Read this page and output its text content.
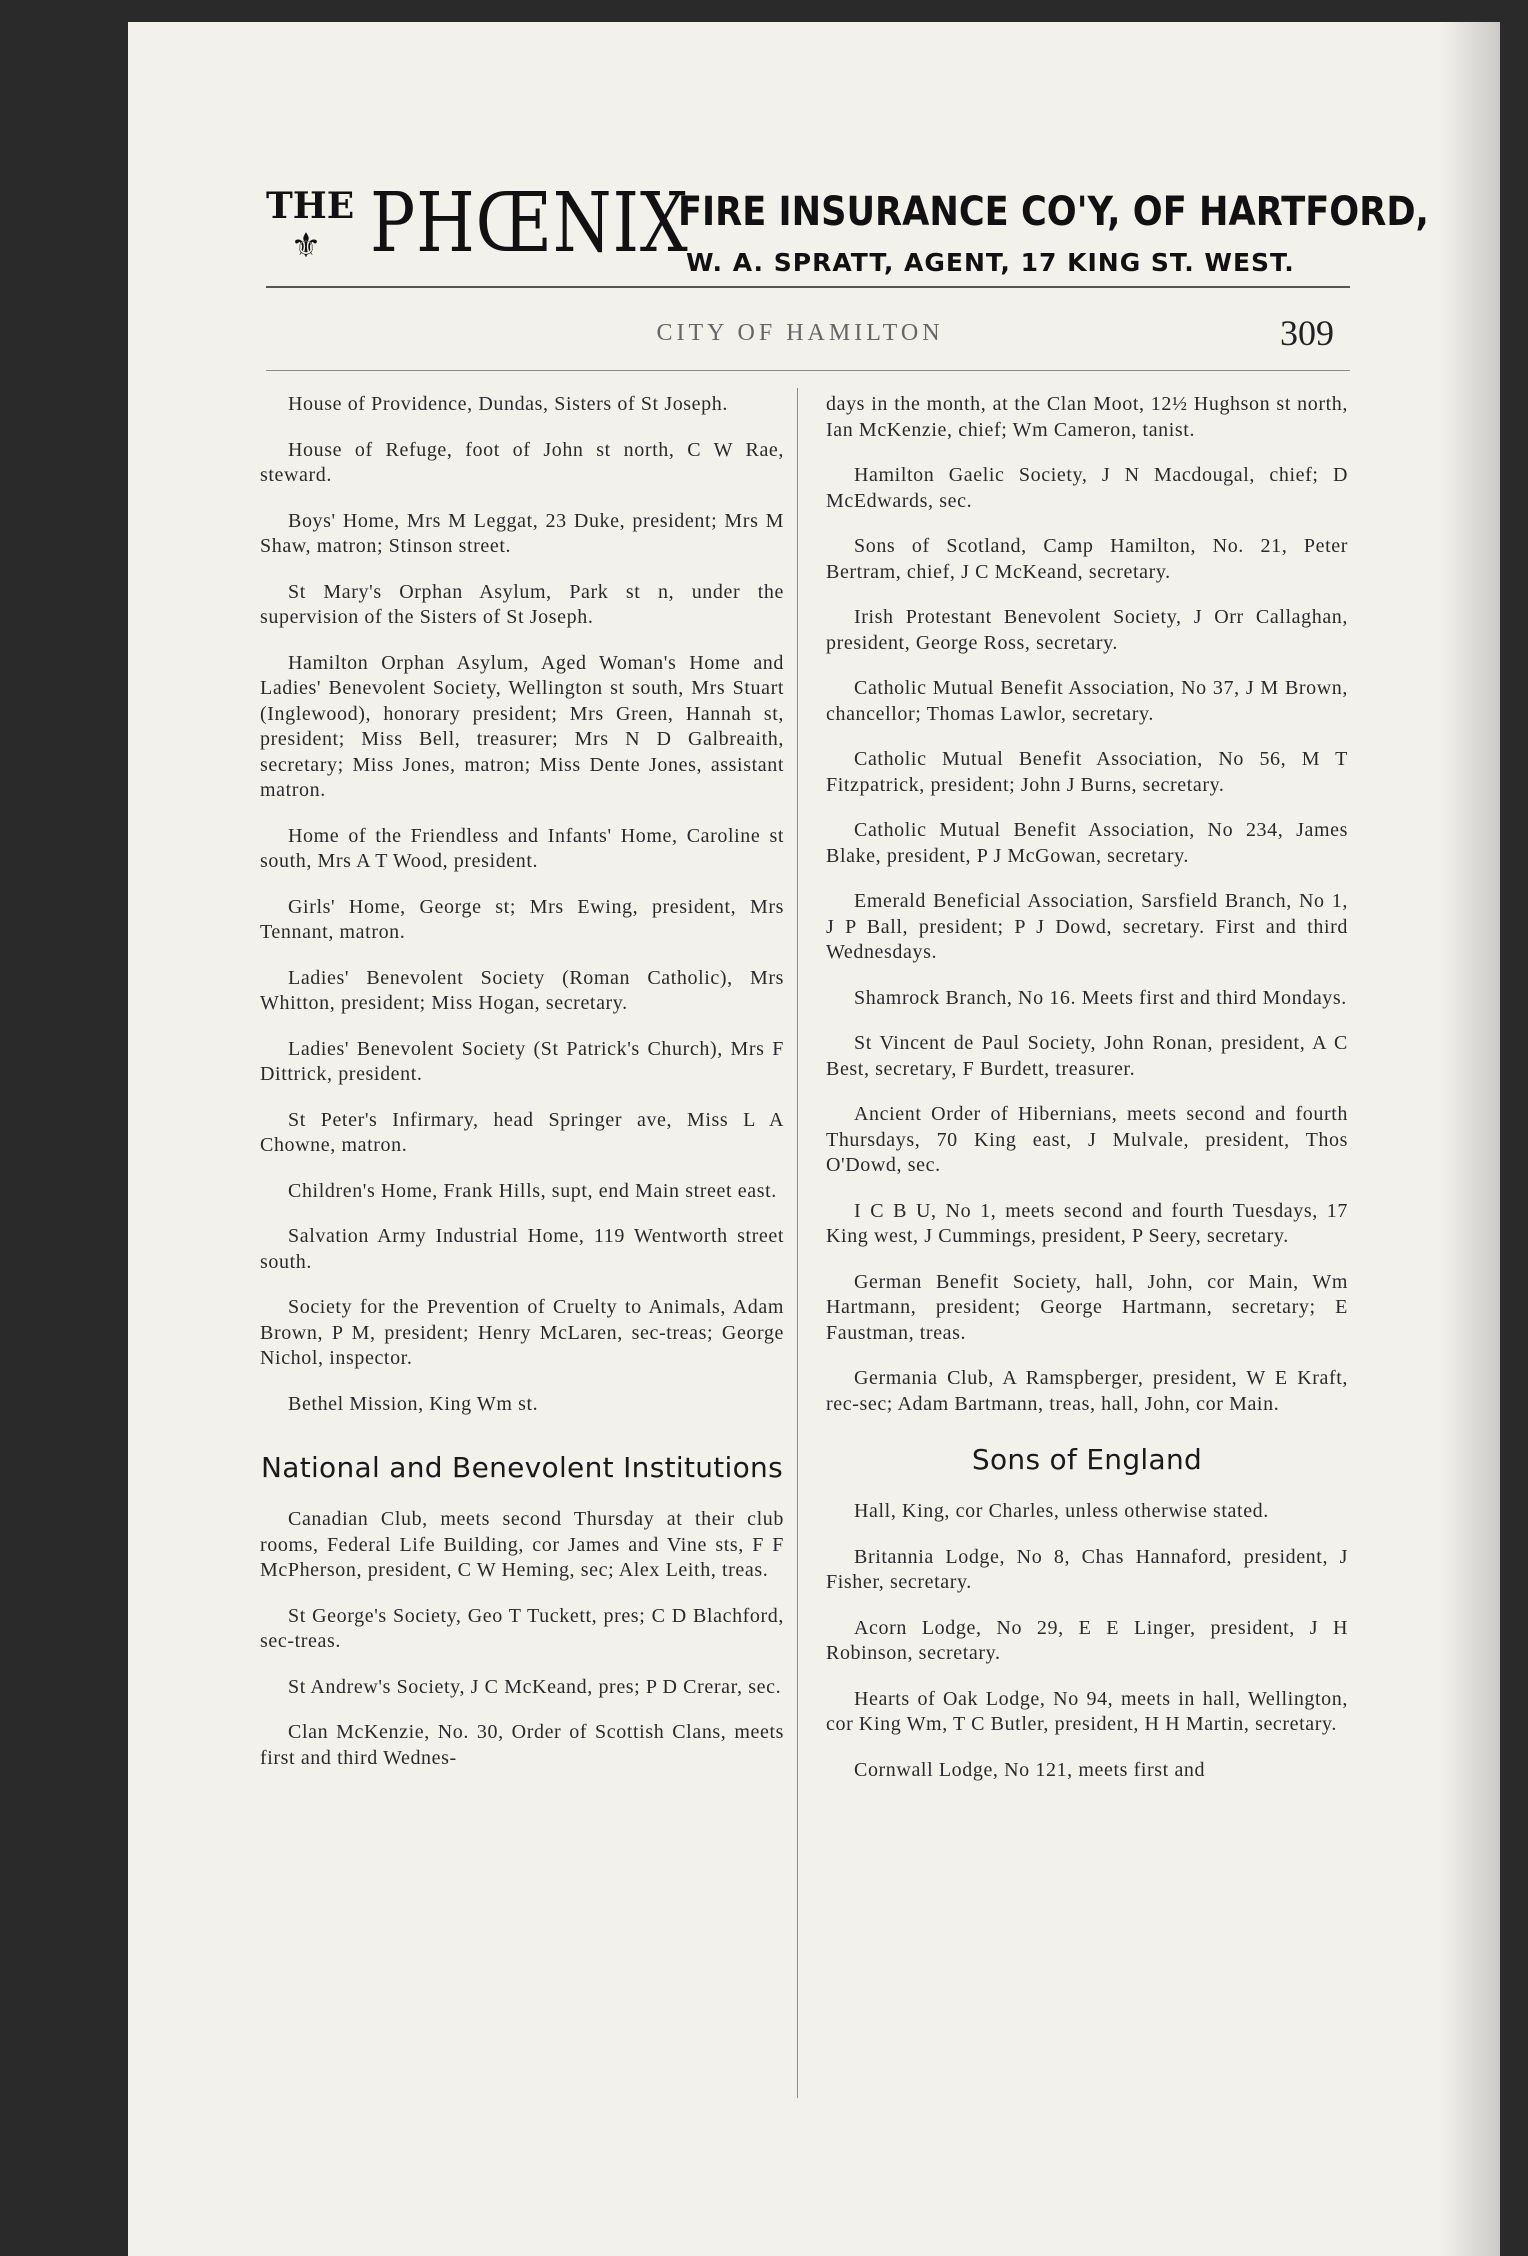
THE
⚜ PHŒNIX
FIRE INSURANCE CO'Y, OF HARTFORD,
W. A. SPRATT, AGENT, 17 KING ST. WEST.
CITY OF HAMILTON	309

House of Providence, Dundas, Sisters of St Joseph.

House of Refuge, foot of John st north, C W Rae, steward.

Boys' Home, Mrs M Leggat, 23 Duke, president; Mrs M Shaw, matron; Stinson street.

St Mary's Orphan Asylum, Park st n, under the supervision of the Sisters of St Joseph.

Hamilton Orphan Asylum, Aged Woman's Home and Ladies' Benevolent Society, Wellington st south, Mrs Stuart (Inglewood), honorary president; Mrs Green, Hannah st, president; Miss Bell, treasurer; Mrs N D Galbreaith, secretary; Miss Jones, matron; Miss Dente Jones, assistant matron.

Home of the Friendless and Infants' Home, Caroline st south, Mrs A T Wood, president.

Girls' Home, George st; Mrs Ewing, president, Mrs Tennant, matron.

Ladies' Benevolent Society (Roman Catholic), Mrs Whitton, president; Miss Hogan, secretary.

Ladies' Benevolent Society (St Patrick's Church), Mrs F Dittrick, president.

St Peter's Infirmary, head Springer ave, Miss L A Chowne, matron.

Children's Home, Frank Hills, supt, end Main street east.

Salvation Army Industrial Home, 119 Wentworth street south.

Society for the Prevention of Cruelty to Animals, Adam Brown, P M, president; Henry McLaren, sec-treas; George Nichol, inspector.

Bethel Mission, King Wm st.

National and Benevolent Institutions

Canadian Club, meets second Thursday at their club rooms, Federal Life Building, cor James and Vine sts, F F McPherson, president, C W Heming, sec; Alex Leith, treas.

St George's Society, Geo T Tuckett, pres; C D Blachford, sec-treas.

St Andrew's Society, J C McKeand, pres; P D Crerar, sec.

Clan McKenzie, No. 30, Order of Scottish Clans, meets first and third Wednes-

days in the month, at the Clan Moot, 12½ Hughson st north, Ian McKenzie, chief; Wm Cameron, tanist.

Hamilton Gaelic Society, J N Macdougal, chief; D McEdwards, sec.

Sons of Scotland, Camp Hamilton, No. 21, Peter Bertram, chief, J C McKeand, secretary.

Irish Protestant Benevolent Society, J Orr Callaghan, president, George Ross, secretary.

Catholic Mutual Benefit Association, No 37, J M Brown, chancellor; Thomas Lawlor, secretary.

Catholic Mutual Benefit Association, No 56, M T Fitzpatrick, president; John J Burns, secretary.

Catholic Mutual Benefit Association, No 234, James Blake, president, P J McGowan, secretary.

Emerald Beneficial Association, Sarsfield Branch, No 1, J P Ball, president; P J Dowd, secretary. First and third Wednesdays.

Shamrock Branch, No 16. Meets first and third Mondays.

St Vincent de Paul Society, John Ronan, president, A C Best, secretary, F Burdett, treasurer.

Ancient Order of Hibernians, meets second and fourth Thursdays, 70 King east, J Mulvale, president, Thos O'Dowd, sec.

I C B U, No 1, meets second and fourth Tuesdays, 17 King west, J Cummings, president, P Seery, secretary.

German Benefit Society, hall, John, cor Main, Wm Hartmann, president; George Hartmann, secretary; E Faustman, treas.

Germania Club, A Ramspberger, president, W E Kraft, rec-sec; Adam Bartmann, treas, hall, John, cor Main.

Sons of England

Hall, King, cor Charles, unless otherwise stated.

Britannia Lodge, No 8, Chas Hannaford, president, J Fisher, secretary.

Acorn Lodge, No 29, E E Linger, president, J H Robinson, secretary.

Hearts of Oak Lodge, No 94, meets in hall, Wellington, cor King Wm, T C Butler, president, H H Martin, secretary.

Cornwall Lodge, No 121, meets first and
